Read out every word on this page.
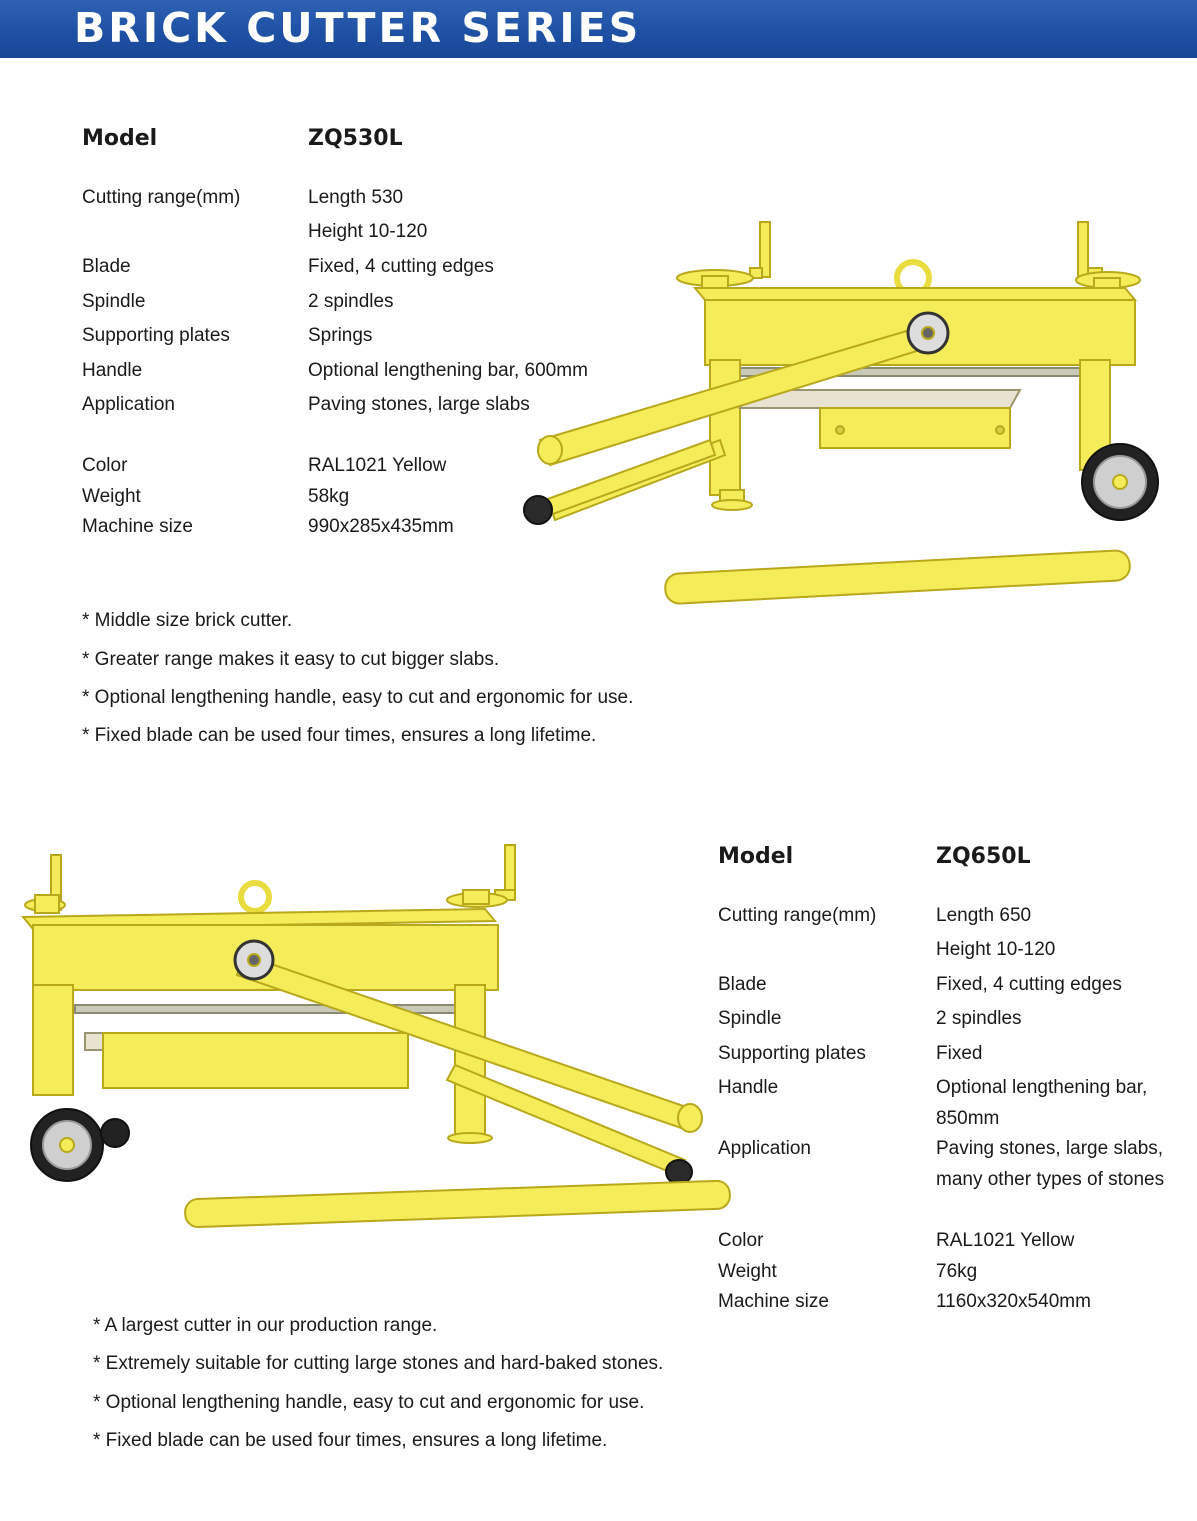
BRICK CUTTER SERIES
Model	ZQ530L
Cutting range(mm)	Length 530
Height 10-120
Blade	Fixed, 4 cutting edges
Spindle	2 spindles
Supporting plates	Springs
Handle	Optional lengthening bar, 600mm
Application	Paving stones, large slabs
Color	RAL1021 Yellow
Weight	58kg
Machine size	990x285x435mm
* Middle size brick cutter.
* Greater range makes it easy to cut bigger slabs.
* Optional lengthening handle, easy to cut and ergonomic for use.
* Fixed blade can be used four times, ensures a long lifetime.
Model	ZQ650L
Cutting range(mm)	Length 650
Height 10-120
Blade	Fixed, 4 cutting edges
Spindle	2 spindles
Supporting plates	Fixed
Handle	Optional lengthening bar,
850mm
Application	Paving stones, large slabs,
many other types of stones
Color	RAL1021 Yellow
Weight	76kg
Machine size	1160x320x540mm
* A largest cutter in our production range.
* Extremely suitable for cutting large stones and hard-baked stones.
* Optional lengthening handle, easy to cut and ergonomic for use.
* Fixed blade can be used four times, ensures a long lifetime.
